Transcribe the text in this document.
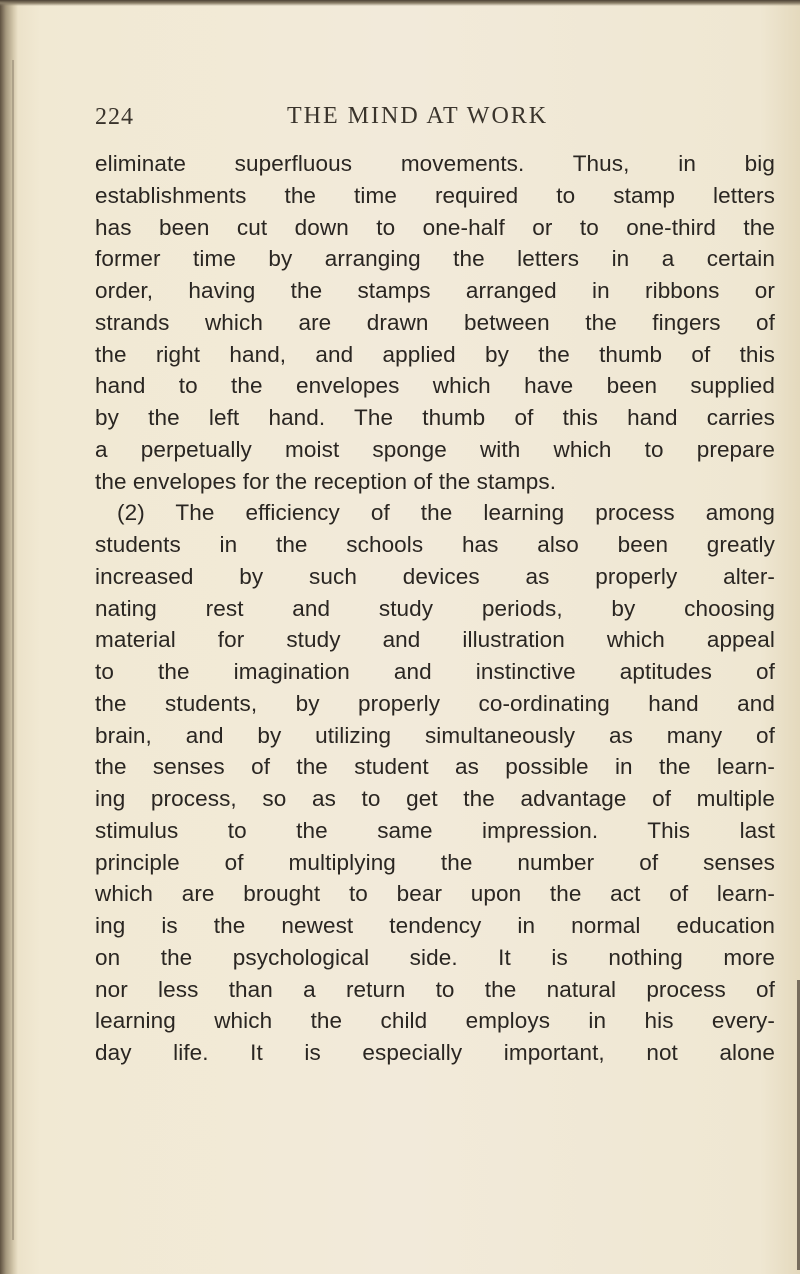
224	THE MIND AT WORK
eliminate superfluous movements. Thus, in big
establishments the time required to stamp letters
has been cut down to one-half or to one-third the
former time by arranging the letters in a certain
order, having the stamps arranged in ribbons or
strands which are drawn between the fingers of
the right hand, and applied by the thumb of this
hand to the envelopes which have been supplied
by the left hand. The thumb of this hand carries
a perpetually moist sponge with which to prepare
the envelopes for the reception of the stamps.
(2) The efficiency of the learning process among
students in the schools has also been greatly
increased by such devices as properly alter-
nating rest and study periods, by choosing
material for study and illustration which appeal
to the imagination and instinctive aptitudes of
the students, by properly co-ordinating hand and
brain, and by utilizing simultaneously as many of
the senses of the student as possible in the learn-
ing process, so as to get the advantage of multiple
stimulus to the same impression. This last
principle of multiplying the number of senses
which are brought to bear upon the act of learn-
ing is the newest tendency in normal education
on the psychological side. It is nothing more
nor less than a return to the natural process of
learning which the child employs in his every-
day life. It is especially important, not alone
